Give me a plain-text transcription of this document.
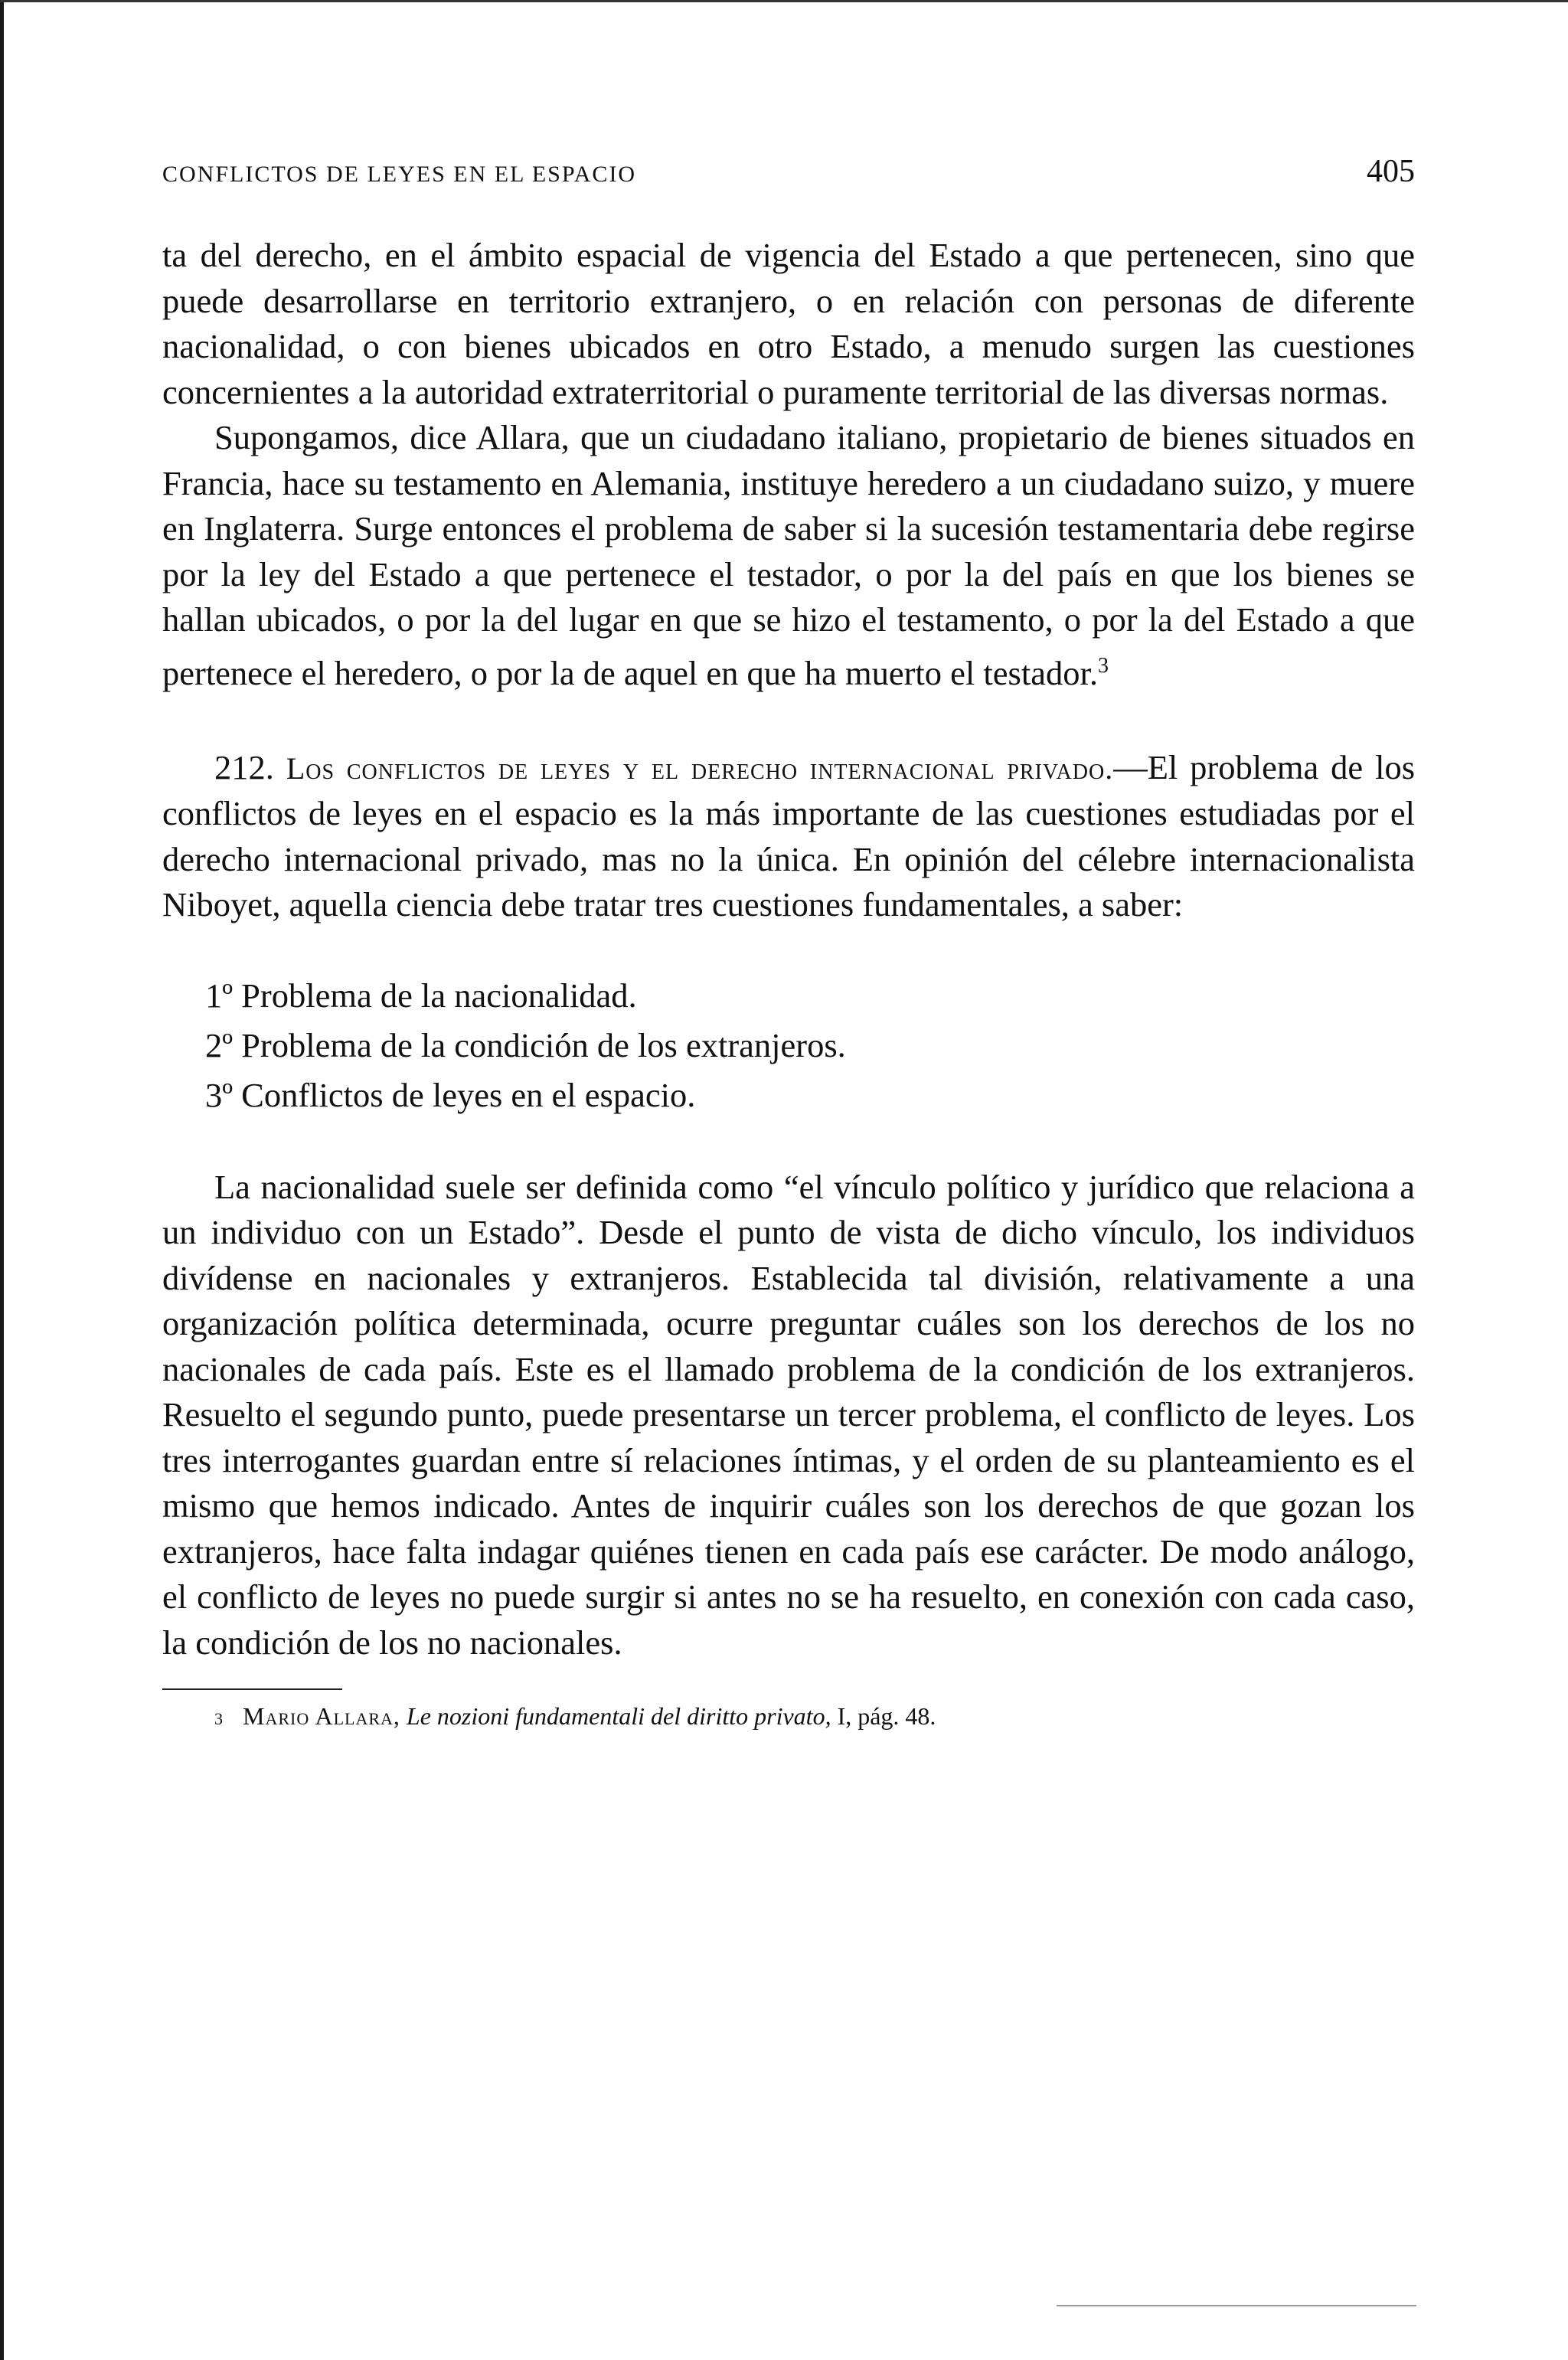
CONFLICTOS DE LEYES EN EL ESPACIO	405

ta del derecho, en el ámbito espacial de vigencia del Estado a que pertenecen, sino que puede desarrollarse en territorio extranjero, o en relación con personas de diferente nacionalidad, o con bienes ubicados en otro Estado, a menudo surgen las cuestiones concernientes a la autoridad extraterritorial o puramente territorial de las diversas normas.

Supongamos, dice Allara, que un ciudadano italiano, propietario de bienes situados en Francia, hace su testamento en Alemania, instituye heredero a un ciudadano suizo, y muere en Inglaterra. Surge entonces el problema de saber si la sucesión testamentaria debe regirse por la ley del Estado a que pertenece el testador, o por la del país en que los bienes se hallan ubicados, o por la del lugar en que se hizo el testamento, o por la del Estado a que pertenece el heredero, o por la de aquel en que ha muerto el testador.$^3$

212. Los conflictos de leyes y el derecho internacional privado.—El problema de los conflictos de leyes en el espacio es la más importante de las cuestiones estudiadas por el derecho internacional privado, mas no la única. En opinión del célebre internacionalista Niboyet, aquella ciencia debe tratar tres cuestiones fundamentales, a saber:

1º Problema de la nacionalidad.
2º Problema de la condición de los extranjeros.
3º Conflictos de leyes en el espacio.

La nacionalidad suele ser definida como “el vínculo político y jurídico que relaciona a un individuo con un Estado”. Desde el punto de vista de dicho vínculo, los individuos divídense en nacionales y extranjeros. Establecida tal división, relativamente a una organización política determinada, ocurre preguntar cuáles son los derechos de los no nacionales de cada país. Este es el llamado problema de la condición de los extranjeros. Resuelto el segundo punto, puede presentarse un tercer problema, el conflicto de leyes. Los tres interrogantes guardan entre sí relaciones íntimas, y el orden de su planteamiento es el mismo que hemos indicado. Antes de inquirir cuáles son los derechos de que gozan los extranjeros, hace falta indagar quiénes tienen en cada país ese carácter. De modo análogo, el conflicto de leyes no puede surgir si antes no se ha resuelto, en conexión con cada caso, la condición de los no nacionales.

3 Mario Allara, Le nozioni fundamentali del diritto privato, I, pág. 48.
